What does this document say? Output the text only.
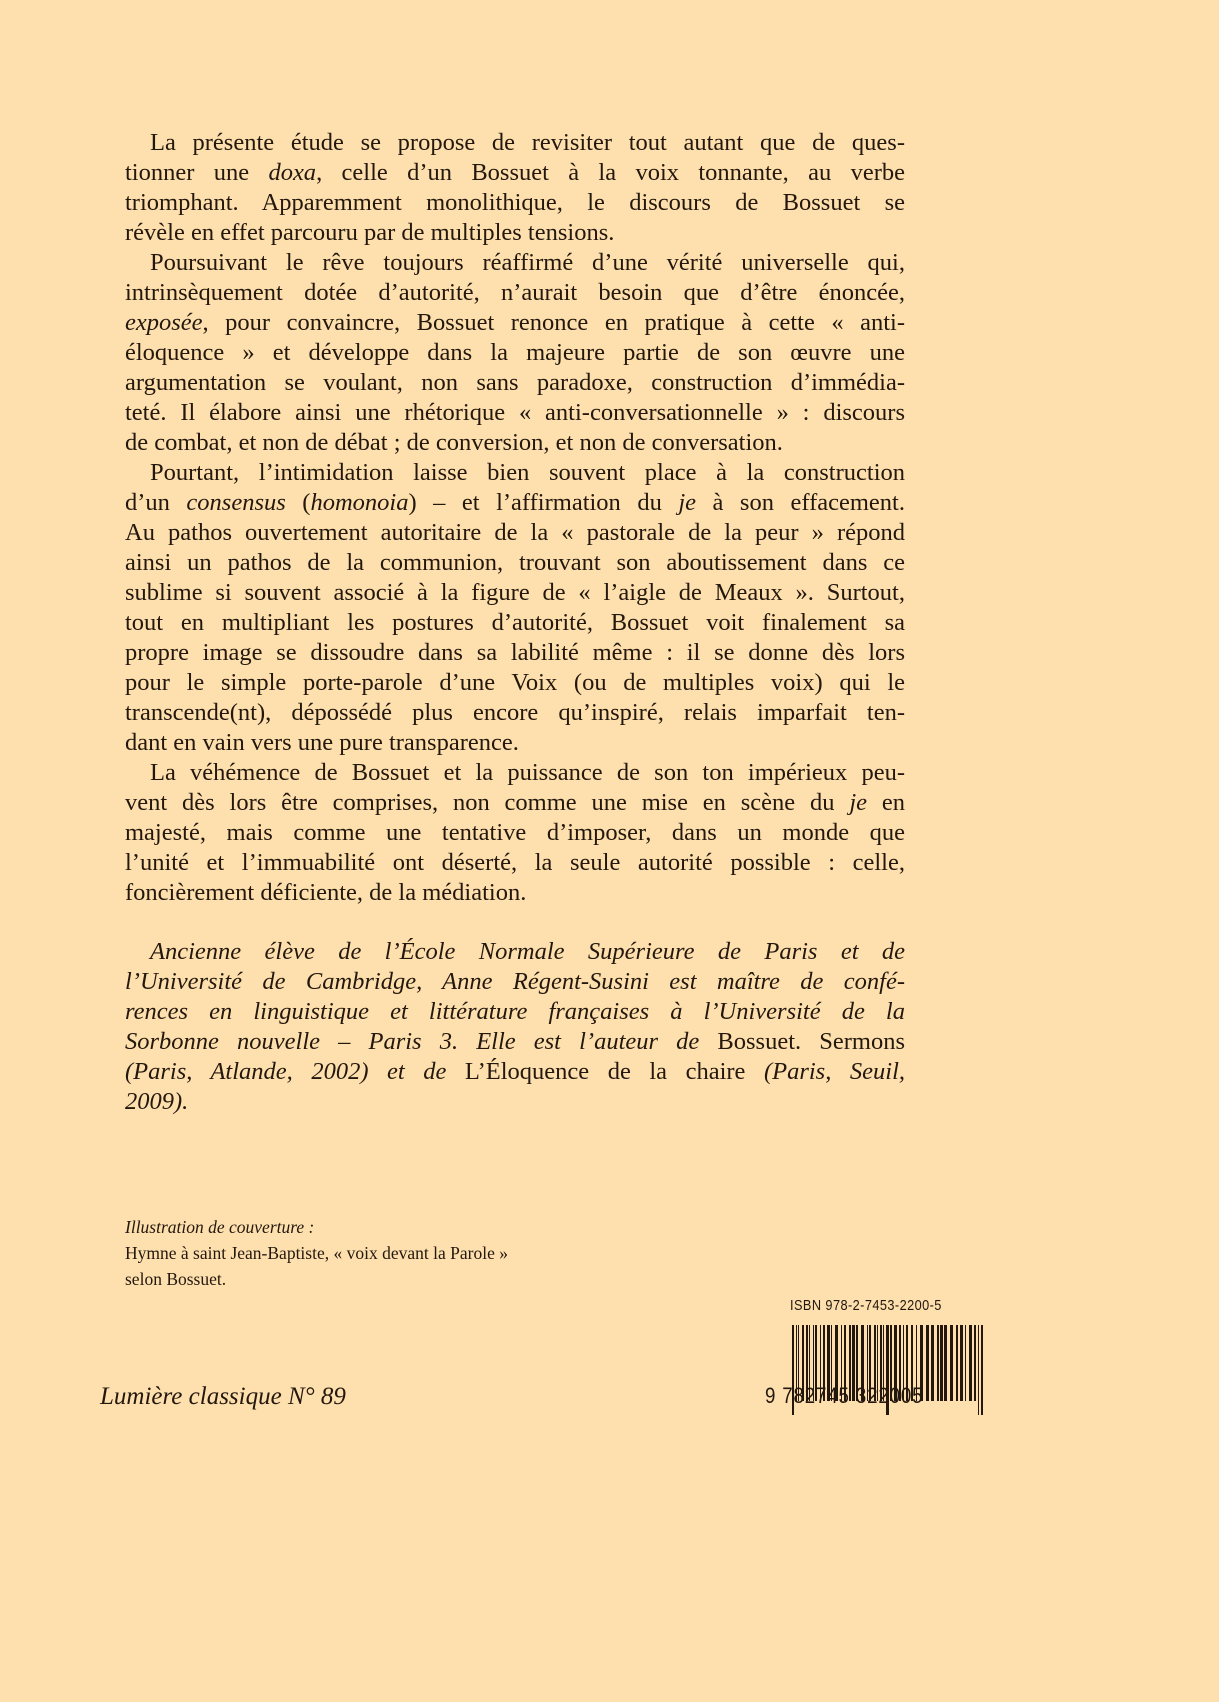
La présente étude se propose de revisiter tout autant que de ques-
tionner une doxa, celle d’un Bossuet à la voix tonnante, au verbe
triomphant. Apparemment monolithique, le discours de Bossuet se
révèle en effet parcouru par de multiples tensions.
Poursuivant le rêve toujours réaffirmé d’une vérité universelle qui,
intrinsèquement dotée d’autorité, n’aurait besoin que d’être énoncée,
exposée, pour convaincre, Bossuet renonce en pratique à cette « anti-
éloquence » et développe dans la majeure partie de son œuvre une
argumentation se voulant, non sans paradoxe, construction d’immédia-
teté. Il élabore ainsi une rhétorique « anti-conversationnelle » : discours
de combat, et non de débat ; de conversion, et non de conversation.
Pourtant, l’intimidation laisse bien souvent place à la construction
d’un consensus (homonoia) – et l’affirmation du je à son effacement.
Au pathos ouvertement autoritaire de la « pastorale de la peur » répond
ainsi un pathos de la communion, trouvant son aboutissement dans ce
sublime si souvent associé à la figure de « l’aigle de Meaux ». Surtout,
tout en multipliant les postures d’autorité, Bossuet voit finalement sa
propre image se dissoudre dans sa labilité même : il se donne dès lors
pour le simple porte-parole d’une Voix (ou de multiples voix) qui le
transcende(nt), dépossédé plus encore qu’inspiré, relais imparfait ten-
dant en vain vers une pure transparence.
La véhémence de Bossuet et la puissance de son ton impérieux peu-
vent dès lors être comprises, non comme une mise en scène du je en
majesté, mais comme une tentative d’imposer, dans un monde que
l’unité et l’immuabilité ont déserté, la seule autorité possible : celle,
foncièrement déficiente, de la médiation.
Ancienne élève de l’École Normale Supérieure de Paris et de
l’Université de Cambridge, Anne Régent-Susini est maître de confé-
rences en linguistique et littérature françaises à l’Université de la
Sorbonne nouvelle – Paris 3. Elle est l’auteur de Bossuet. Sermons
(Paris, Atlande, 2002) et de L’Éloquence de la chaire (Paris, Seuil,
2009).
Illustration de couverture :
Hymne à saint Jean-Baptiste, « voix devant la Parole »
selon Bossuet.
Lumière classique N° 89
ISBN 978-2-7453-2200-5
9 782745 322005
